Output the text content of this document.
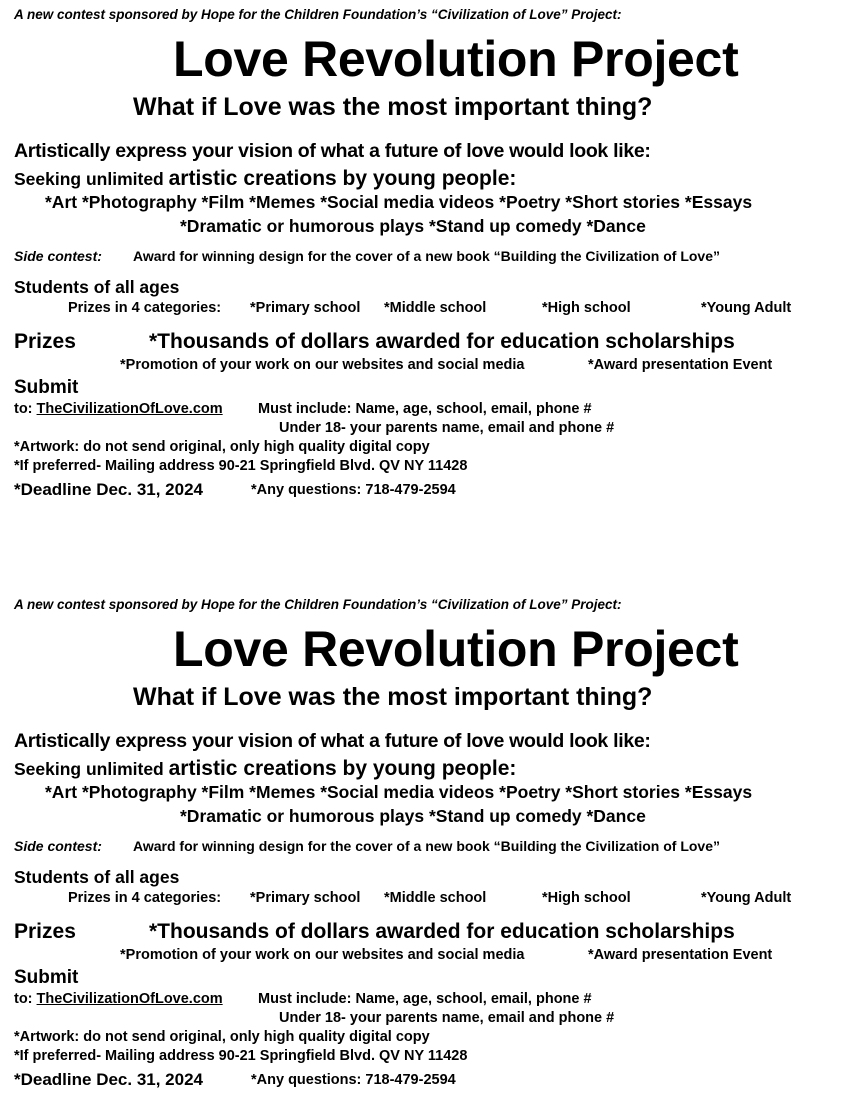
A new contest sponsored by Hope for the Children Foundation’s “Civilization of Love” Project:
Love Revolution Project
What if Love was the most important thing?
Artistically express your vision of what a future of love would look like:
Seeking unlimited artistic creations by young people:
*Art *Photography *Film *Memes *Social media videos *Poetry *Short stories *Essays
*Dramatic or humorous plays *Stand up comedy *Dance
Side contest: Award for winning design for the cover of a new book “Building the Civilization of Love”
Students of all ages
Prizes in 4 categories: *Primary school *Middle school	*High school	*Young Adult
Prizes	*Thousands of dollars awarded for education scholarships
*Promotion of your work on our websites and social media	*Award presentation Event
Submit
to: TheCivilizationOfLove.com Must include: Name, age, school, email, phone #
Under 18- your parents name, email and phone #
*Artwork: do not send original, only high quality digital copy
*If preferred- Mailing address 90-21 Springfield Blvd. QV NY 11428
*Deadline Dec. 31, 2024	*Any questions: 718-479-2594
A new contest sponsored by Hope for the Children Foundation’s “Civilization of Love” Project:
Love Revolution Project
What if Love was the most important thing?
Artistically express your vision of what a future of love would look like:
Seeking unlimited artistic creations by young people:
*Art *Photography *Film *Memes *Social media videos *Poetry *Short stories *Essays
*Dramatic or humorous plays *Stand up comedy *Dance
Side contest: Award for winning design for the cover of a new book “Building the Civilization of Love”
Students of all ages
Prizes in 4 categories: *Primary school *Middle school	*High school	*Young Adult
Prizes	*Thousands of dollars awarded for education scholarships
*Promotion of your work on our websites and social media	*Award presentation Event
Submit
to: TheCivilizationOfLove.com Must include: Name, age, school, email, phone #
Under 18- your parents name, email and phone #
*Artwork: do not send original, only high quality digital copy
*If preferred- Mailing address 90-21 Springfield Blvd. QV NY 11428
*Deadline Dec. 31, 2024	*Any questions: 718-479-2594
